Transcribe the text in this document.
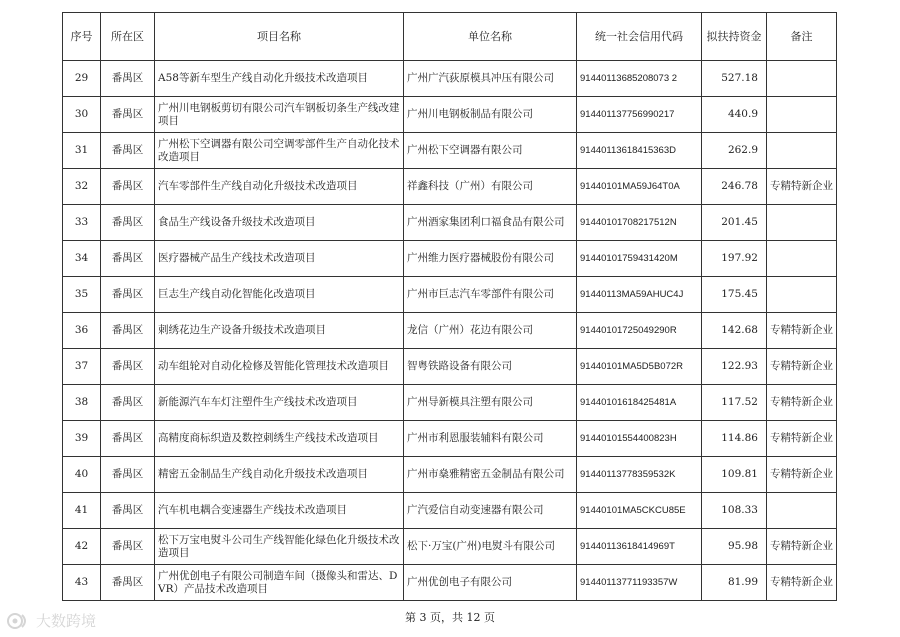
序号	所在区	项目名称	单位名称	统一社会信用代码	拟扶持资金	备注
29	番禺区	A58等新车型生产线自动化升级技术改造项目	广州广汽荻原模具冲压有限公司	91440113685208073 2	527.18	
30	番禺区	广州川电钢板剪切有限公司汽车钢板切条生产线改建项目	广州川电钢板制品有限公司	914401137756990217	440.9	
31	番禺区	广州松下空调器有限公司空调零部件生产自动化技术改造项目	广州松下空调器有限公司	91440113618415363D	262.9	
32	番禺区	汽车零部件生产线自动化升级技术改造项目	祥鑫科技（广州）有限公司	91440101MA59J64T0A	246.78	专精特新企业
33	番禺区	食品生产线设备升级技术改造项目	广州酒家集团利口福食品有限公司	91440101708217512N	201.45	
34	番禺区	医疗器械产品生产线技术改造项目	广州维力医疗器械股份有限公司	91440101759431420M	197.92	
35	番禺区	巨志生产线自动化智能化改造项目	广州市巨志汽车零部件有限公司	91440113MA59AHUC4J	175.45	
36	番禺区	刺绣花边生产设备升级技术改造项目	龙信（广州）花边有限公司	91440101725049290R	142.68	专精特新企业
37	番禺区	动车组轮对自动化检修及智能化管理技术改造项目	智粤铁路设备有限公司	91440101MA5D5B072R	122.93	专精特新企业
38	番禺区	新能源汽车车灯注塑件生产线技术改造项目	广州导新模具注塑有限公司	91440101618425481A	117.52	专精特新企业
39	番禺区	高精度商标织造及数控刺绣生产线技术改造项目	广州市利恩服装辅料有限公司	91440101554400823H	114.86	专精特新企业
40	番禺区	精密五金制品生产线自动化升级技术改造项目	广州市燊雅精密五金制品有限公司	91440113778359532K	109.81	专精特新企业
41	番禺区	汽车机电耦合变速器生产线技术改造项目	广汽爱信自动变速器有限公司	91440101MA5CKCU85E	108.33	
42	番禺区	松下万宝电熨斗公司生产线智能化绿色化升级技术改造项目	松下·万宝(广州)电熨斗有限公司	91440113618414969T	95.98	专精特新企业
43	番禺区	广州优创电子有限公司制造车间（摄像头和雷达、DVR）产品技术改造项目	广州优创电子有限公司	91440113771193357W	81.99	专精特新企业
第 3 页，共 12 页
大数跨境
